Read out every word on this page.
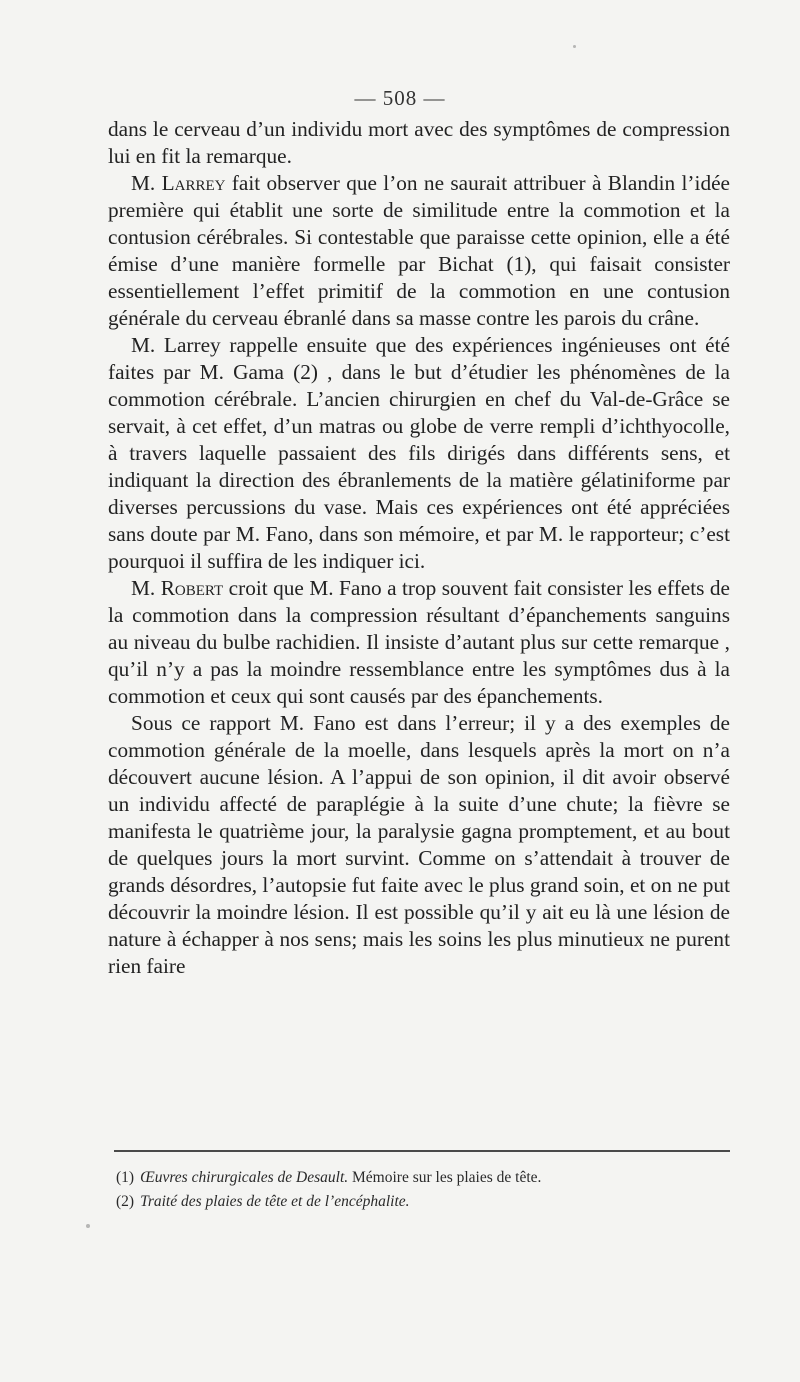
— 508 —

dans le cerveau d’un individu mort avec des symptômes de compression lui en fit la remarque.

M. Larrey fait observer que l’on ne saurait attribuer à Blandin l’idée première qui établit une sorte de similitude entre la commotion et la contusion cérébrales. Si contestable que paraisse cette opinion, elle a été émise d’une manière formelle par Bichat (1), qui faisait consister essentiellement l’effet primitif de la commotion en une contusion générale du cerveau ébranlé dans sa masse contre les parois du crâne.

M. Larrey rappelle ensuite que des expériences ingénieuses ont été faites par M. Gama (2) , dans le but d’étudier les phénomènes de la commotion cérébrale. L’ancien chirurgien en chef du Val-de-Grâce se servait, à cet effet, d’un matras ou globe de verre rempli d’ichthyocolle, à travers laquelle passaient des fils dirigés dans différents sens, et indiquant la direction des ébranlements de la matière gélatiniforme par diverses percussions du vase. Mais ces expériences ont été appréciées sans doute par M. Fano, dans son mémoire, et par M. le rapporteur; c’est pourquoi il suffira de les indiquer ici.

M. Robert croit que M. Fano a trop souvent fait consister les effets de la commotion dans la compression résultant d’épanchements sanguins au niveau du bulbe rachidien. Il insiste d’autant plus sur cette remarque , qu’il n’y a pas la moindre ressemblance entre les symptômes dus à la commotion et ceux qui sont causés par des épanchements.

Sous ce rapport M. Fano est dans l’erreur; il y a des exemples de commotion générale de la moelle, dans lesquels après la mort on n’a découvert aucune lésion. A l’appui de son opinion, il dit avoir observé un individu affecté de paraplégie à la suite d’une chute; la fièvre se manifesta le quatrième jour, la paralysie gagna promptement, et au bout de quelques jours la mort survint. Comme on s’attendait à trouver de grands désordres, l’autopsie fut faite avec le plus grand soin, et on ne put découvrir la moindre lésion. Il est possible qu’il y ait eu là une lésion de nature à échapper à nos sens; mais les soins les plus minutieux ne purent rien faire

(1) Œuvres chirurgicales de Desault. Mémoire sur les plaies de tête.
(2) Traité des plaies de tête et de l’encéphalite.
